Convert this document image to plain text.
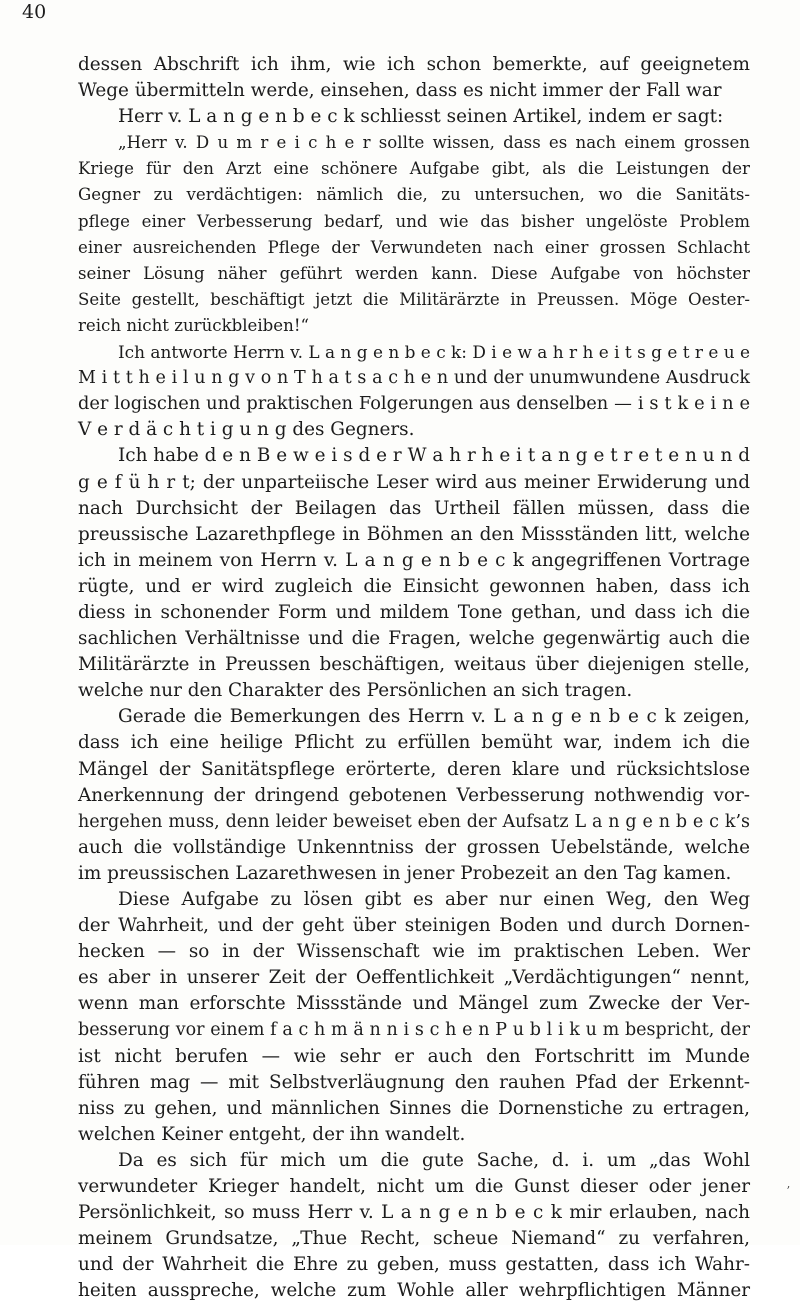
40
dessen Abschrift ich ihm, wie ich schon bemerkte, auf geeignetem
Wege übermitteln werde, einsehen, dass es nicht immer der Fall war
Herr v. L a n g e n b e c k schliesst seinen Artikel, indem er sagt:
„Herr v. D u m r e i c h e r sollte wissen, dass es nach einem grossen
Kriege für den Arzt eine schönere Aufgabe gibt, als die Leistungen der
Gegner zu verdächtigen: nämlich die, zu untersuchen, wo die Sanitäts-
pflege einer Verbesserung bedarf, und wie das bisher ungelöste Problem
einer ausreichenden Pflege der Verwundeten nach einer grossen Schlacht
seiner Lösung näher geführt werden kann. Diese Aufgabe von höchster
Seite gestellt, beschäftigt jetzt die Militärärzte in Preussen. Möge Oester-
reich nicht zurückbleiben!“
Ich antworte Herrn v. L a n g e n b e c k: D i e w a h r h e i t s g e t r e u e
M i t t h e i l u n g v o n T h a t s a c h e n und der unumwundene Ausdruck
der logischen und praktischen Folgerungen aus denselben — i s t k e i n e
V e r d ä c h t i g u n g des Gegners.
Ich habe d e n B e w e i s d e r W a h r h e i t a n g e t r e t e n u n d
g e f ü h r t; der unparteiische Leser wird aus meiner Erwiderung und
nach Durchsicht der Beilagen das Urtheil fällen müssen, dass die
preussische Lazarethpflege in Böhmen an den Missständen litt, welche
ich in meinem von Herrn v. L a n g e n b e c k angegriffenen Vortrage
rügte, und er wird zugleich die Einsicht gewonnen haben, dass ich
diess in schonender Form und mildem Tone gethan, und dass ich die
sachlichen Verhältnisse und die Fragen, welche gegenwärtig auch die
Militärärzte in Preussen beschäftigen, weitaus über diejenigen stelle,
welche nur den Charakter des Persönlichen an sich tragen.
Gerade die Bemerkungen des Herrn v. L a n g e n b e c k zeigen,
dass ich eine heilige Pflicht zu erfüllen bemüht war, indem ich die
Mängel der Sanitätspflege erörterte, deren klare und rücksichtslose
Anerkennung der dringend gebotenen Verbesserung nothwendig vor-
hergehen muss, denn leider beweiset eben der Aufsatz L a n g e n b e c k’s
auch die vollständige Unkenntniss der grossen Uebelstände, welche
im preussischen Lazarethwesen in jener Probezeit an den Tag kamen.
Diese Aufgabe zu lösen gibt es aber nur einen Weg, den Weg
der Wahrheit, und der geht über steinigen Boden und durch Dornen-
hecken — so in der Wissenschaft wie im praktischen Leben. Wer
es aber in unserer Zeit der Oeffentlichkeit „Verdächtigungen“ nennt,
wenn man erforschte Missstände und Mängel zum Zwecke der Ver-
besserung vor einem f a c h m ä n n i s c h e n P u b l i k u m bespricht, der
ist nicht berufen — wie sehr er auch den Fortschritt im Munde
führen mag — mit Selbstverläugnung den rauhen Pfad der Erkennt-
niss zu gehen, und männlichen Sinnes die Dornenstiche zu ertragen,
welchen Keiner entgeht, der ihn wandelt.
Da es sich für mich um die gute Sache, d. i. um „das Wohl
verwundeter Krieger handelt, nicht um die Gunst dieser oder jener
Persönlichkeit, so muss Herr v. L a n g e n b e c k mir erlauben, nach
meinem Grundsatze, „Thue Recht, scheue Niemand“ zu verfahren,
und der Wahrheit die Ehre zu geben, muss gestatten, dass ich Wahr-
heiten ausspreche, welche zum Wohle aller wehrpflichtigen Männer
ʼ
